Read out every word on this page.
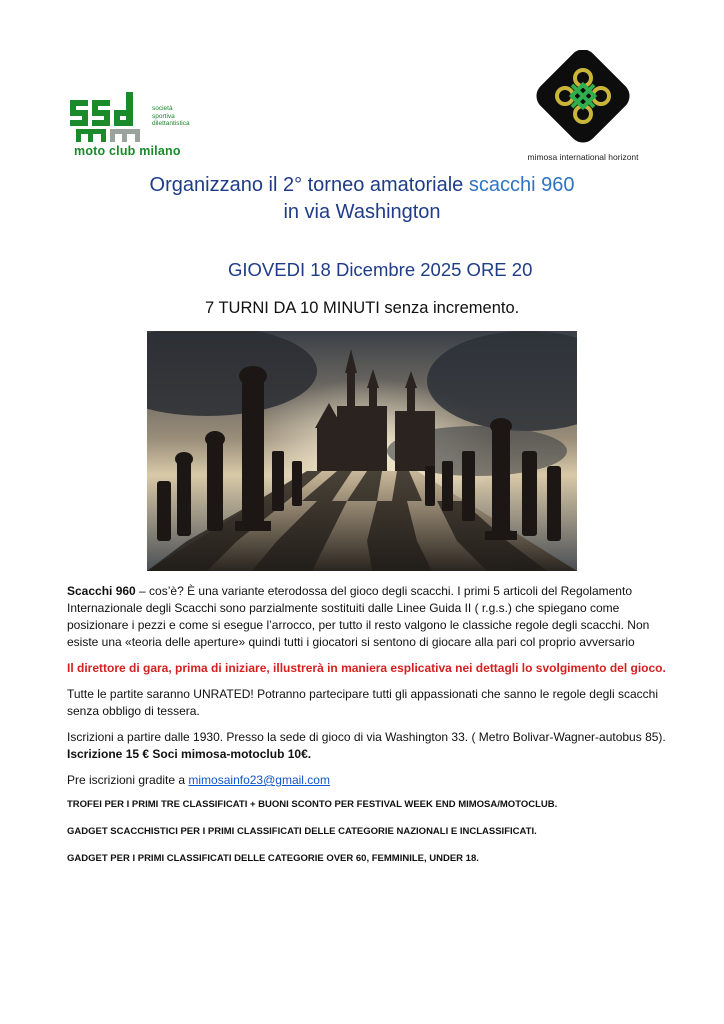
società
sportiva
dilettantistica
moto club milano	mimosa international horizont
Organizzano il 2° torneo amatoriale scacchi 960
in via Washington
GIOVEDI 18 Dicembre 2025 ORE 20
7 TURNI DA 10 MINUTI senza incremento.

Scacchi 960 – cos’è? È una variante eterodossa del gioco degli scacchi. I primi 5 articoli del Regolamento Internazionale degli Scacchi sono parzialmente sostituiti dalle Linee Guida II ( r.g.s.) che spiegano come posizionare i pezzi e come si esegue l’arrocco, per tutto il resto valgono le classiche regole degli scacchi. Non esiste una «teoria delle aperture» quindi tutti i giocatori si sentono di giocare alla pari col proprio avversario

Il direttore di gara, prima di iniziare, illustrerà in maniera esplicativa nei dettagli lo svolgimento del gioco.

Tutte le partite saranno UNRATED! Potranno partecipare tutti gli appassionati che sanno le regole degli scacchi senza obbligo di tessera.

Iscrizioni a partire dalle 1930. Presso la sede di gioco di via Washington 33. ( Metro Bolivar-Wagner-autobus 85). Iscrizione 15 € Soci mimosa-motoclub 10€.

Pre iscrizioni gradite a mimosainfo23@gmail.com

TROFEI PER I PRIMI TRE CLASSIFICATI + BUONI SCONTO PER FESTIVAL WEEK END MIMOSA/MOTOCLUB.

GADGET SCACCHISTICI PER I PRIMI CLASSIFICATI DELLE CATEGORIE NAZIONALI E INCLASSIFICATI.

GADGET PER I PRIMI CLASSIFICATI DELLE CATEGORIE OVER 60, FEMMINILE, UNDER 18.
